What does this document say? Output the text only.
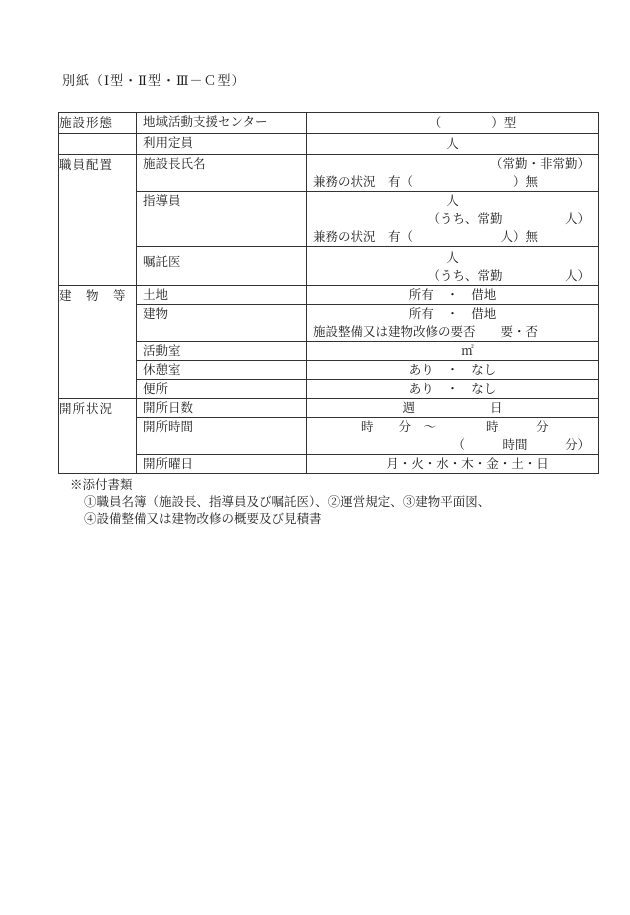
別紙（Ⅰ型・Ⅱ型・Ⅲ－Ｃ型）
施設形態	地域活動支援センター	（　　　　）型

	利用定員	人

職員配置	施設長氏名	（常勤・非常勤）
兼務の状況　有（　　　　　　　　）無

	指導員	人
（うち、常勤　　　　　人）
兼務の状況　有（　　　　　　　人）無

	嘱託医	人
（うち、常勤　　　　　人）

建　物　等	土地	所有　・　借地

	建物	所有　・　借地
施設整備又は建物改修の要否　　要・否

	活動室	㎡

	休憩室	あり　・　なし

	便所	あり　・　なし

開所状況	開所日数	週　　　　　　日

	開所時間	時　　分　～　　　　時　　　分
（　　　時間　　　分）

	開所曜日	月・火・水・木・金・土・日
※添付書類
①職員名簿（施設長、指導員及び嘱託医）、②運営規定、③建物平面図、
④設備整備又は建物改修の概要及び見積書
